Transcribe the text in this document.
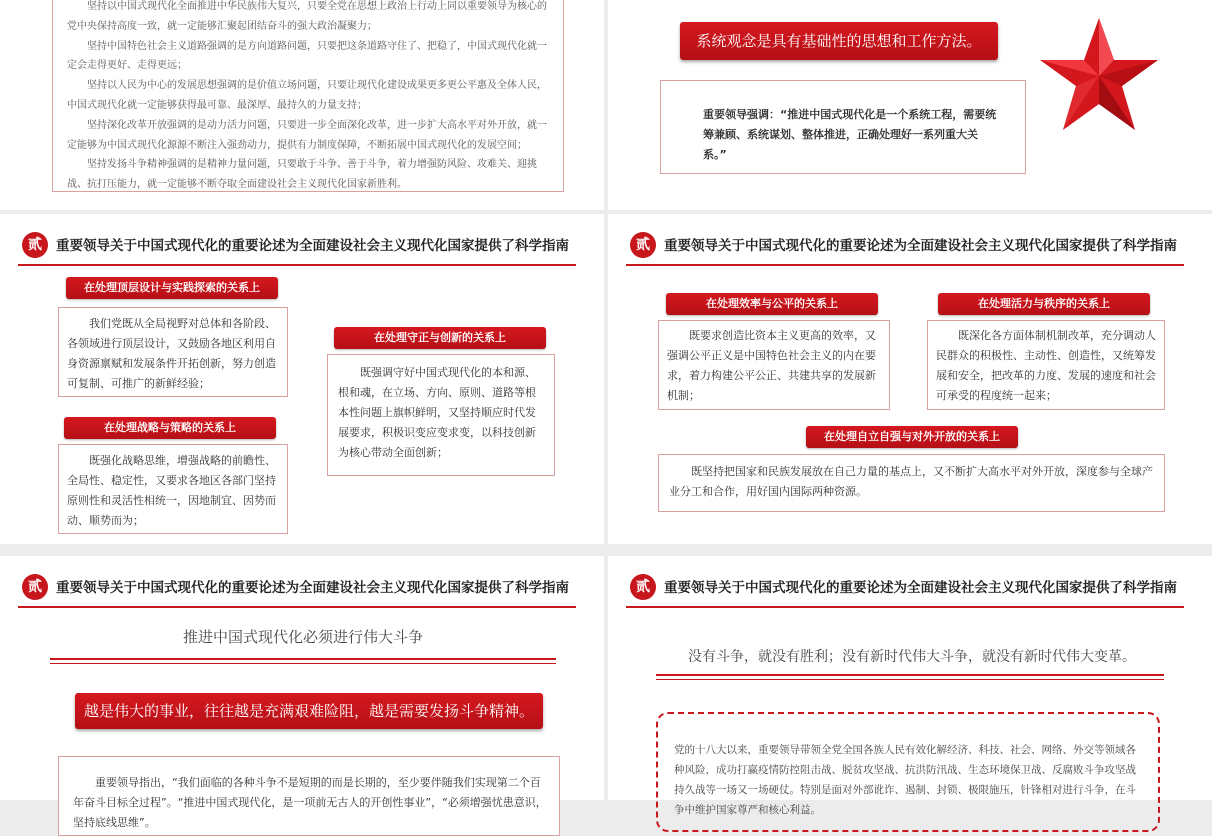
坚持以中国式现代化全面推进中华民族伟大复兴，只要全党在思想上政治上行动上同以重要领导为核心的党中央保持高度一致，就一定能够汇聚起团结奋斗的强大政治凝聚力；

坚持中国特色社会主义道路强调的是方向道路问题，只要把这条道路守住了、把稳了，中国式现代化就一定会走得更好、走得更远；

坚持以人民为中心的发展思想强调的是价值立场问题，只要让现代化建设成果更多更公平惠及全体人民，中国式现代化就一定能够获得最可靠、最深厚、最持久的力量支持；

坚持深化改革开放强调的是动力活力问题，只要进一步全面深化改革，进一步扩大高水平对外开放，就一定能够为中国式现代化源源不断注入强劲动力，提供有力制度保障，不断拓展中国式现代化的发展空间；

坚持发扬斗争精神强调的是精神力量问题，只要敢于斗争、善于斗争，着力增强防风险、攻难关、迎挑战、抗打压能力，就一定能够不断夺取全面建设社会主义现代化国家新胜利。

系统观念是具有基础性的思想和工作方法。
重要领导强调：“推进中国式现代化是一个系统工程，需要统筹兼顾、系统谋划、整体推进，正确处理好一系列重大关系。”
贰	重要领导关于中国式现代化的重要论述为全面建设社会主义现代化国家提供了科学指南
在处理顶层设计与实践探索的关系上

我们党既从全局视野对总体和各阶段、各领域进行顶层设计，又鼓励各地区利用自身资源禀赋和发展条件开拓创新，努力创造可复制、可推广的新鲜经验；

在处理守正与创新的关系上

既强调守好中国式现代化的本和源、根和魂，在立场、方向、原则、道路等根本性问题上旗帜鲜明，又坚持顺应时代发展要求，积极识变应变求变，以科技创新为核心带动全面创新；

在处理战略与策略的关系上

既强化战略思维，增强战略的前瞻性、全局性、稳定性，又要求各地区各部门坚持原则性和灵活性相统一，因地制宜、因势而动、顺势而为；

贰	重要领导关于中国式现代化的重要论述为全面建设社会主义现代化国家提供了科学指南
在处理效率与公平的关系上

既要求创造比资本主义更高的效率，又强调公平正义是中国特色社会主义的内在要求，着力构建公平公正、共建共享的发展新机制；

在处理活力与秩序的关系上

既深化各方面体制机制改革，充分调动人民群众的积极性、主动性、创造性，又统筹发展和安全，把改革的力度、发展的速度和社会可承受的程度统一起来；

在处理自立自强与对外开放的关系上

既坚持把国家和民族发展放在自己力量的基点上，又不断扩大高水平对外开放，深度参与全球产业分工和合作，用好国内国际两种资源。

贰	重要领导关于中国式现代化的重要论述为全面建设社会主义现代化国家提供了科学指南
推进中国式现代化必须进行伟大斗争
越是伟大的事业，往往越是充满艰难险阻，越是需要发扬斗争精神。

重要领导指出，“我们面临的各种斗争不是短期的而是长期的，至少要伴随我们实现第二个百年奋斗目标全过程”。“推进中国式现代化，是一项前无古人的开创性事业”，“必须增强忧患意识，坚持底线思维”。

贰	重要领导关于中国式现代化的重要论述为全面建设社会主义现代化国家提供了科学指南
没有斗争，就没有胜利；没有新时代伟大斗争，就没有新时代伟大变革。
党的十八大以来，重要领导带领全党全国各族人民有效化解经济、科技、社会、网络、外交等领域各种风险，成功打赢疫情防控阻击战、脱贫攻坚战、抗洪防汛战、生态环境保卫战、反腐败斗争攻坚战持久战等一场又一场硬仗。特别是面对外部讹诈、遏制、封锁、极限施压，针锋相对进行斗争，在斗争中维护国家尊严和核心利益。
